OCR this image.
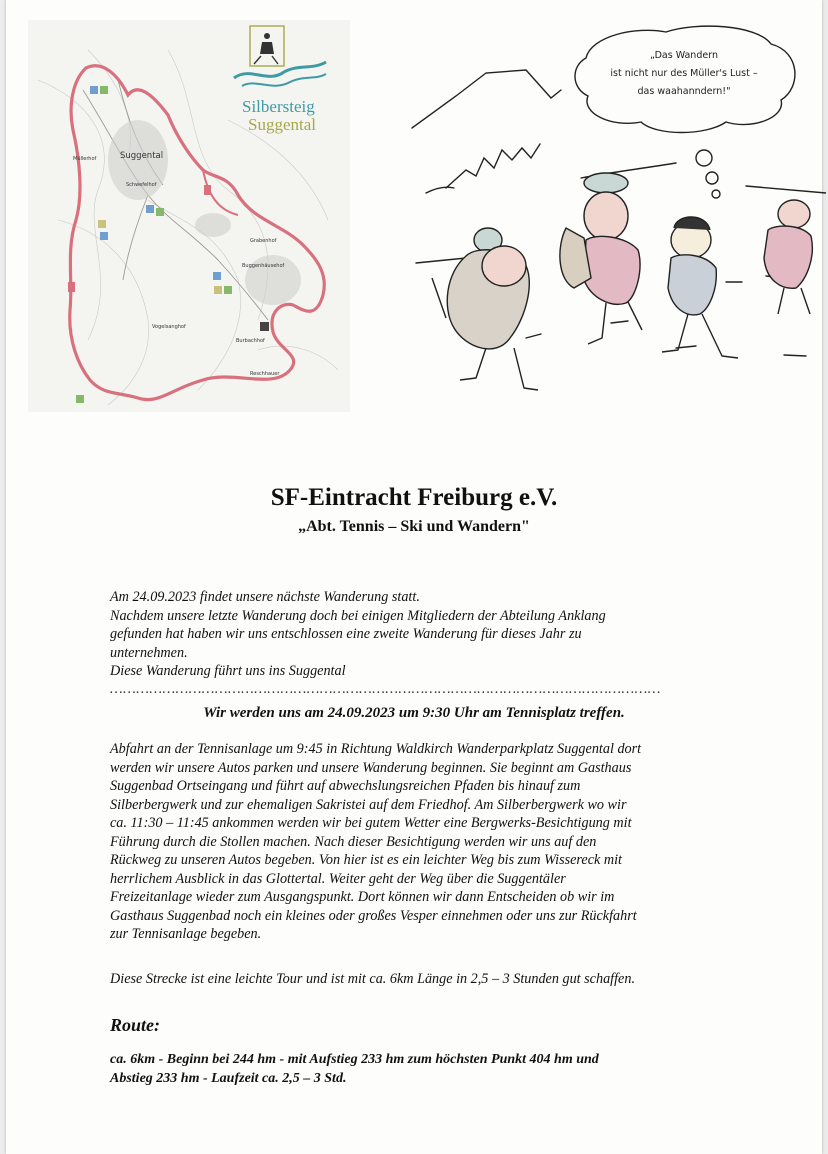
Suggental
Müllerhof
Schwefelhof
Grabenhof
Buggenhäusehof
Vogelsanghof
Burbachhof
Reschhauer
Silbersteig
Suggental
„Das Wandern
ist nicht nur des Müller's Lust –
das waahanndern!"
SF-Eintracht Freiburg e.V.
„Abt. Tennis – Ski und Wandern"
Am 24.09.2023 findet unsere nächste Wanderung statt.
Nachdem unsere letzte Wanderung doch bei einigen Mitgliedern der Abteilung Anklang
gefunden hat haben wir uns entschlossen eine zweite Wanderung für dieses Jahr zu
unternehmen.
Diese Wanderung führt uns ins Suggental
………………………………………………………………………………………………………………
Wir werden uns am 24.09.2023 um 9:30 Uhr am Tennisplatz treffen.
Abfahrt an der Tennisanlage um 9:45 in Richtung Waldkirch Wanderparkplatz Suggental dort
werden wir unsere Autos parken und unsere Wanderung beginnen. Sie beginnt am Gasthaus
Suggenbad Ortseingang und führt auf abwechslungsreichen Pfaden bis hinauf zum
Silberbergwerk und zur ehemaligen Sakristei auf dem Friedhof. Am Silberbergwerk wo wir
ca. 11:30 – 11:45 ankommen werden wir bei gutem Wetter eine Bergwerks-Besichtigung mit
Führung durch die Stollen machen. Nach dieser Besichtigung werden wir uns auf den
Rückweg zu unseren Autos begeben. Von hier ist es ein leichter Weg bis zum Wissereck mit
herrlichem Ausblick in das Glottertal. Weiter geht der Weg über die Suggentäler
Freizeitanlage wieder zum Ausgangspunkt. Dort können wir dann Entscheiden ob wir im
Gasthaus Suggenbad noch ein kleines oder großes Vesper einnehmen oder uns zur Rückfahrt
zur Tennisanlage begeben.
Diese Strecke ist eine leichte Tour und ist mit ca. 6km Länge in 2,5 – 3 Stunden gut schaffen.
Route:
ca. 6km - Beginn bei 244 hm - mit Aufstieg 233 hm zum höchsten Punkt 404 hm und
Abstieg 233 hm - Laufzeit ca. 2,5 – 3 Std.
